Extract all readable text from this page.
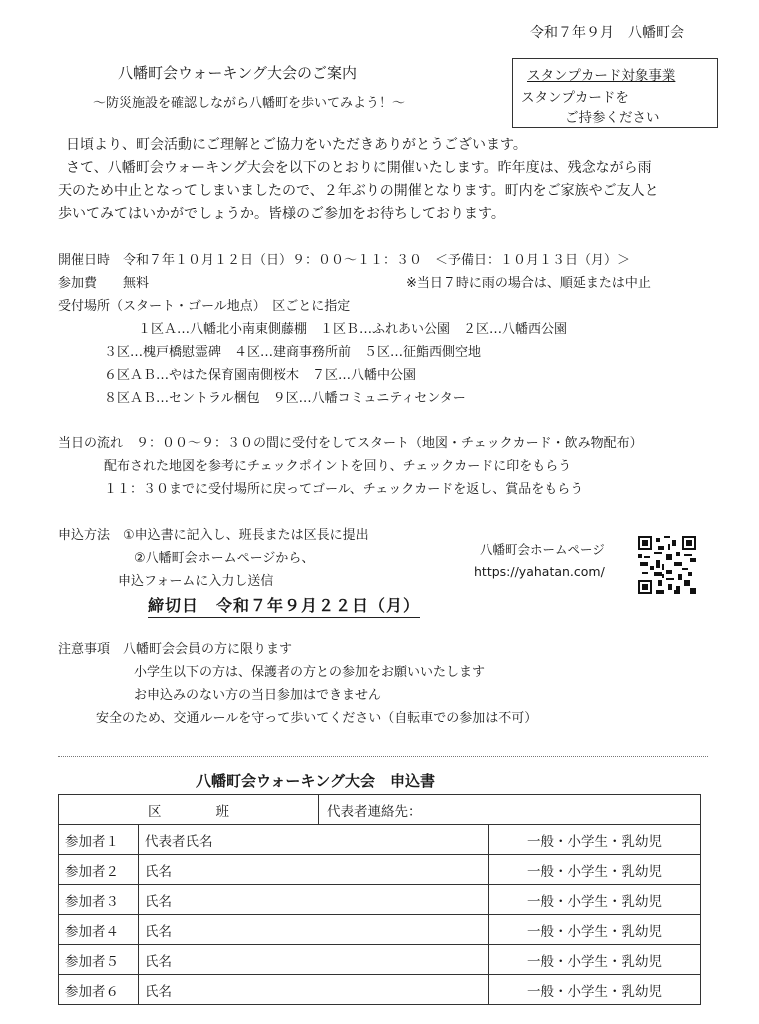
令和７年９月　八幡町会
八幡町会ウォーキング大会のご案内
～防災施設を確認しながら八幡町を歩いてみよう！～
スタンプカード対象事業
スタンプカードを
ご持参ください
日頃より、町会活動にご理解とご協力をいただきありがとうございます。
さて、八幡町会ウォーキング大会を以下のとおりに開催いたします。昨年度は、残念ながら雨
天のため中止となってしまいましたので、２年ぶりの開催となります。町内をご家族やご友人と
歩いてみてはいかがでしょうか。皆様のご参加をお待ちしております。
開催日時　令和７年１０月１２日（日）９：００～１１：３０　＜予備日：１０月１３日（月）＞
参加費　　無料	※当日７時に雨の場合は、順延または中止
受付場所（スタート・ゴール地点）　区ごとに指定
１区Ａ…八幡北小南東側藤棚　１区Ｂ…ふれあい公園　２区…八幡西公園
３区…槐戸橋慰霊碑　４区…建商事務所前　５区…征鮨西側空地
６区ＡＢ…やはた保育園南側桜木　７区…八幡中公園
８区ＡＢ…セントラル梱包　９区…八幡コミュニティセンター
当日の流れ　９：００～９：３０の間に受付をしてスタート（地図・チェックカード・飲み物配布）
配布された地図を参考にチェックポイントを回り、チェックカードに印をもらう
１１：３０までに受付場所に戻ってゴール、チェックカードを返し、賞品をもらう
申込方法　①申込書に記入し、班長または区長に提出
②八幡町会ホームページから、
申込フォームに入力し送信
八幡町会ホームページ
https://yahatan.com/
締切日　令和７年９月２２日（月）
注意事項　八幡町会会員の方に限ります
小学生以下の方は、保護者の方との参加をお願いいたします
お申込みのない方の当日参加はできません
安全のため、交通ルールを守って歩いてください（自転車での参加は不可）
八幡町会ウォーキング大会　申込書
区　　　　班		代表者連絡先：	
参加者１	代表者氏名		一般・小学生・乳幼児
参加者２	氏名		一般・小学生・乳幼児
参加者３	氏名		一般・小学生・乳幼児
参加者４	氏名		一般・小学生・乳幼児
参加者５	氏名		一般・小学生・乳幼児
参加者６	氏名		一般・小学生・乳幼児
